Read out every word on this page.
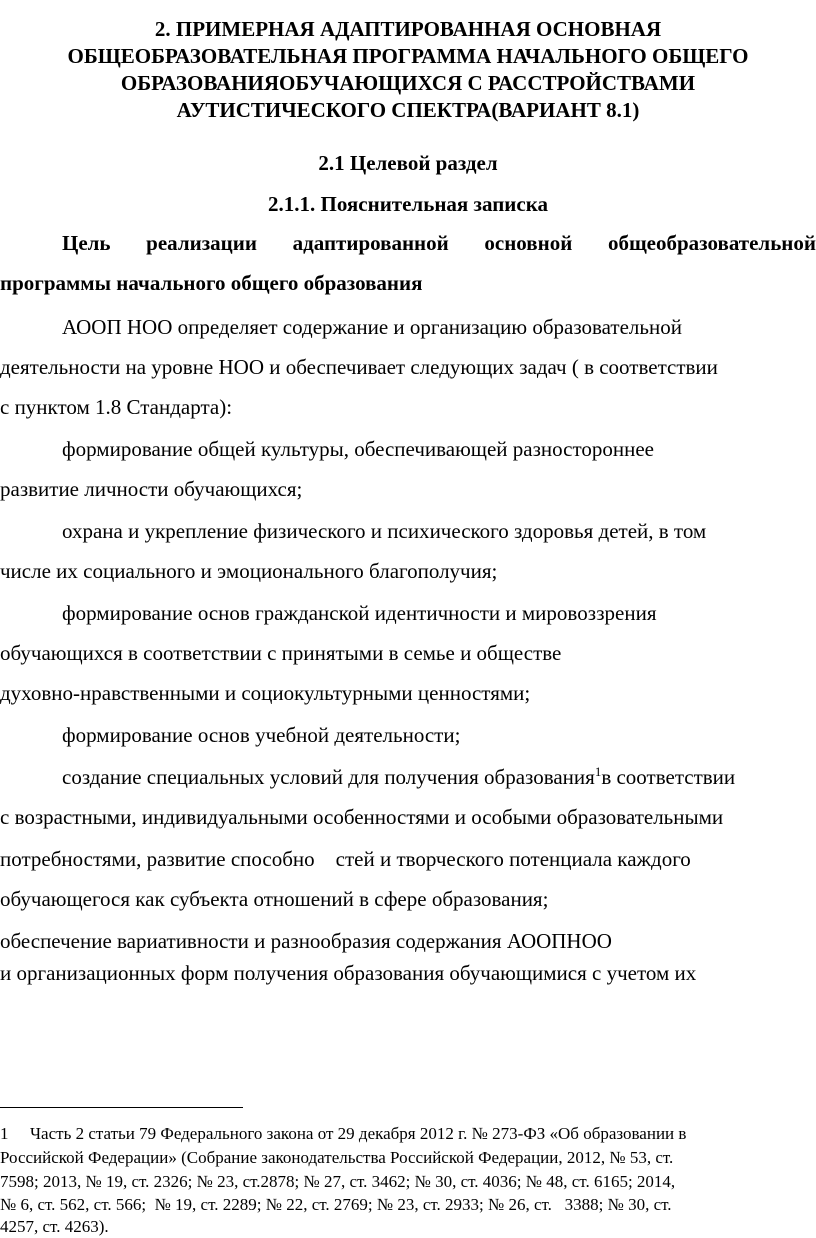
2. ПРИМЕРНАЯ АДАПТИРОВАННАЯ ОСНОВНАЯ
ОБЩЕОБРАЗОВАТЕЛЬНАЯ ПРОГРАММА НАЧАЛЬНОГО ОБЩЕГО
ОБРАЗОВАНИЯОБУЧАЮЩИХСЯ С РАССТРОЙСТВАМИ
АУТИСТИЧЕСКОГО СПЕКТРА(ВАРИАНТ 8.1)
2.1 Целевой раздел
2.1.1. Пояснительная записка
Цель реализации адаптированной основной общеобразовательной
программы начального общего образования
АООП НОО определяет содержание и организацию образовательной
деятельности на уровне НОО и обеспечивает следующих задач ( в соответствии
с пунктом 1.8 Стандарта):
формирование общей культуры, обеспечивающей разностороннее
развитие личности обучающихся;
охрана и укрепление физического и психического здоровья детей, в том
числе их социального и эмоционального благополучия;
формирование основ гражданской идентичности и мировоззрения
обучающихся в соответствии с принятыми в семье и обществе
духовно-нравственными и социокультурными ценностями;
формирование основ учебной деятельности;
создание специальных условий для получения образования$^1$в соответствии
с возрастными, индивидуальными особенностями и особыми образовательными
потребностями, развитие способно    стей и творческого потенциала каждого
обучающегося как субъекта отношений в сфере образования;
обеспечение вариативности и разнообразия содержания АООПНОО
и организационных форм получения образования обучающимися с учетом их
1 Часть 2 статьи 79 Федерального закона от 29 декабря 2012 г. № 273-ФЗ «Об образовании в
Российской Федерации» (Собрание законодательства Российской Федерации, 2012, № 53, ст.
7598; 2013, № 19, ст. 2326; № 23, ст.2878; № 27, ст. 3462; № 30, ст. 4036; № 48, ст. 6165; 2014,
№ 6, ст. 562, ст. 566;  № 19, ст. 2289; № 22, ст. 2769; № 23, ст. 2933; № 26, ст.   3388; № 30, ст.
4257, ст. 4263).
